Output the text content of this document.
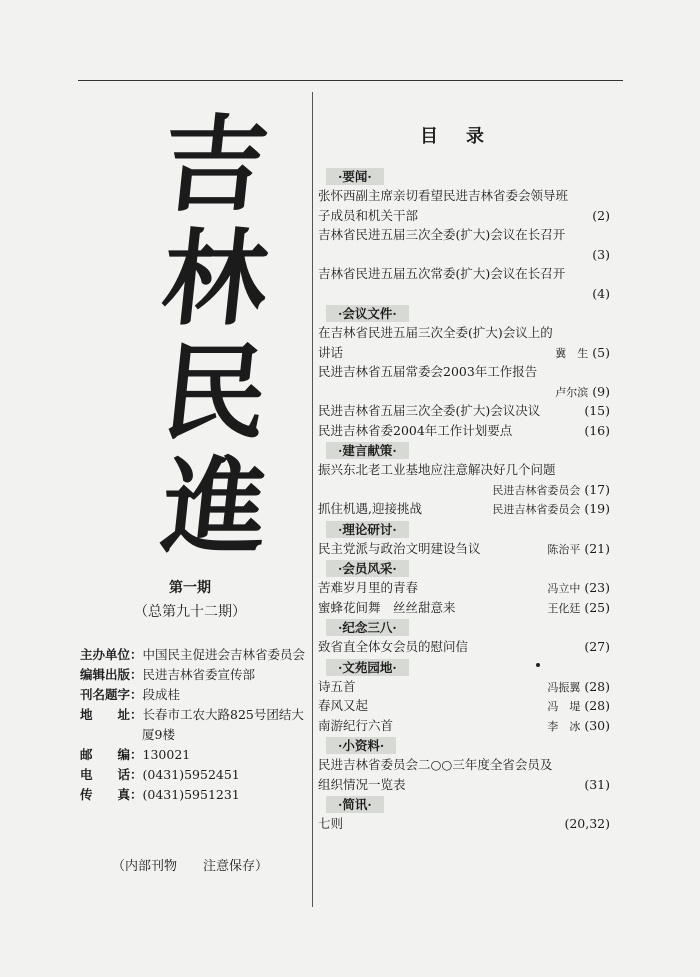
吉
林
民
進
第一期
（总第九十二期）
主办单位： 中国民主促进会吉林省委员会
编辑出版： 民进吉林省委宣传部
刊名题字： 段成桂
地　　址： 长春市工农大路825号团结大
厦9楼
邮　　编： 130021
电　　话： (0431)5952451
传　　真： (0431)5951231
（内部刊物　　注意保存）
目录
·要闻·
张怀西副主席亲切看望民进吉林省委会领导班
子成员和机关干部	(2)
吉林省民进五届三次全委(扩大)会议在长召开
(3)
吉林省民进五届五次常委(扩大)会议在长召开
(4)
·会议文件·
在吉林省民进五届三次全委(扩大)会议上的
讲话	冀　生 (5)
民进吉林省五届常委会2003年工作报告
卢尔滨 (9)
民进吉林省五届三次全委(扩大)会议决议	(15)
民进吉林省委2004年工作计划要点	(16)
·建言献策·
振兴东北老工业基地应注意解决好几个问题
民进吉林省委员会 (17)
抓住机遇,迎接挑战	民进吉林省委员会 (19)
·理论研讨·
民主党派与政治文明建设刍议	陈治平 (21)
·会员风采·
苦难岁月里的青春	冯立中 (23)
蜜蜂花间舞　丝丝甜意来	王化廷 (25)
·纪念三八·
致省直全体女会员的慰问信	(27)
·文苑园地·
诗五首	冯振翼 (28)
春风又起	冯　堤 (28)
南游纪行六首	李　冰 (30)
·小资料·
民进吉林省委员会二○○三年度全省会员及
组织情况一览表	(31)
·简讯·
七则	(20,32)
